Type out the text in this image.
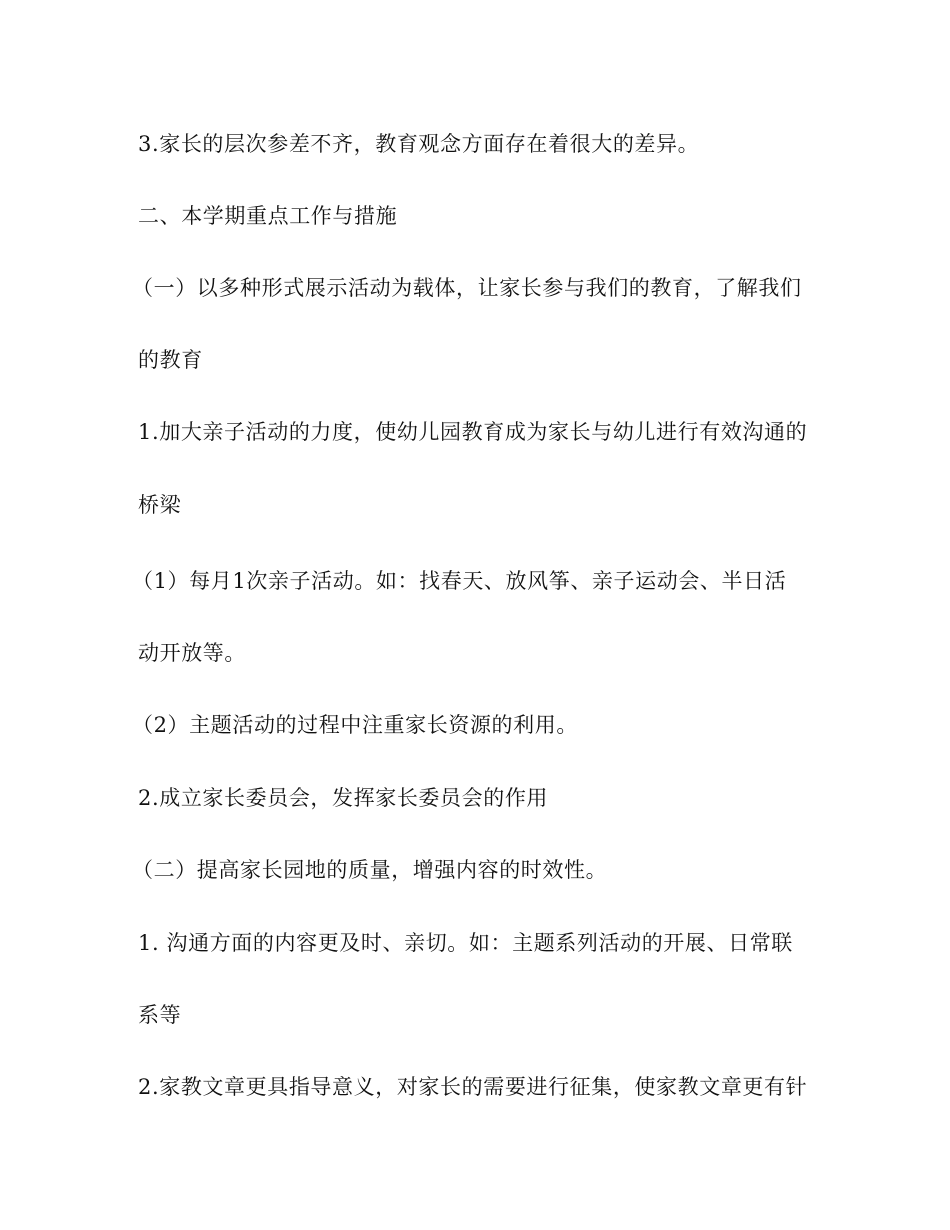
3.家长的层次参差不齐，教育观念方面存在着很大的差异。
二、本学期重点工作与措施
（一）以多种形式展示活动为载体，让家长参与我们的教育，了解我们
的教育
1.加大亲子活动的力度，使幼儿园教育成为家长与幼儿进行有效沟通的
桥梁
（1）每月1次亲子活动。如：找春天、放风筝、亲子运动会、半日活
动开放等。
（2）主题活动的过程中注重家长资源的利用。
2.成立家长委员会，发挥家长委员会的作用
（二）提高家长园地的质量，增强内容的时效性。
1. 沟通方面的内容更及时、亲切。如：主题系列活动的开展、日常联
系等
2.家教文章更具指导意义，对家长的需要进行征集，使家教文章更有针
